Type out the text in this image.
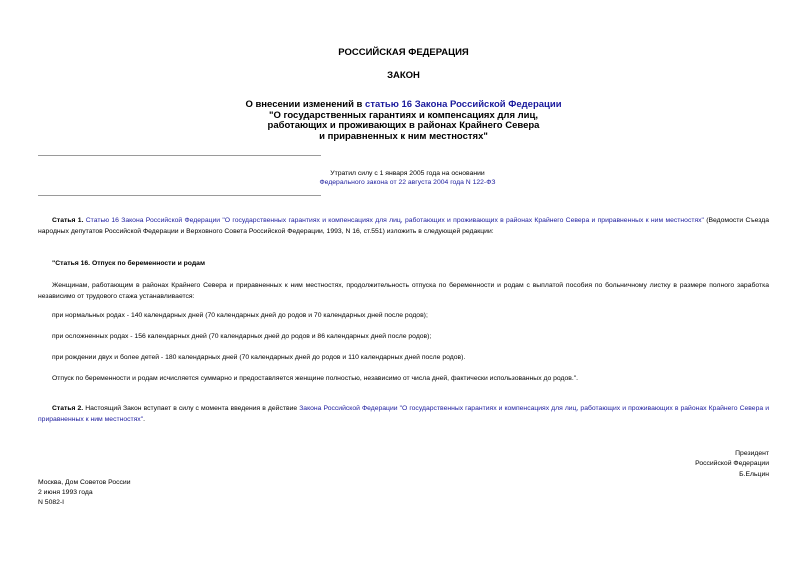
РОССИЙСКАЯ ФЕДЕРАЦИЯ
ЗАКОН
О внесении изменений в статью 16 Закона Российской Федерации
"О государственных гарантиях и компенсациях для лиц,
работающих и проживающих в районах Крайнего Севера
и приравненных к ним местностях"
Утратил силу с 1 января 2005 года на основании
Федерального закона от 22 августа 2004 года N 122-ФЗ
Статья 1. Статью 16 Закона Российской Федерации "О государственных гарантиях и компенсациях для лиц, работающих и проживающих в районах Крайнего Севера и приравненных к ним местностях" (Ведомости Съезда народных депутатов Российской Федерации и Верховного Совета Российской Федерации, 1993, N 16, ст.551) изложить в следующей редакции:
"Статья 16. Отпуск по беременности и родам
Женщинам, работающим в районах Крайнего Севера и приравненных к ним местностях, продолжительность отпуска по беременности и родам с выплатой пособия по больничному листку в размере полного заработка независимо от трудового стажа устанавливается:
при нормальных родах - 140 календарных дней (70 календарных дней до родов и 70 календарных дней после родов);
при осложненных родах - 156 календарных дней (70 календарных дней до родов и 86 календарных дней после родов);
при рождении двух и более детей - 180 календарных дней (70 календарных дней до родов и 110 календарных дней после родов).
Отпуск по беременности и родам исчисляется суммарно и предоставляется женщине полностью, независимо от числа дней, фактически использованных до родов.".
Статья 2. Настоящий Закон вступает в силу с момента введения в действие Закона Российской Федерации "О государственных гарантиях и компенсациях для лиц, работающих и проживающих в районах Крайнего Севера и приравненных к ним местностях".
Президент
Российской Федерации
Б.Ельцин
Москва, Дом Советов России
2 июня 1993 года
N 5082-I
